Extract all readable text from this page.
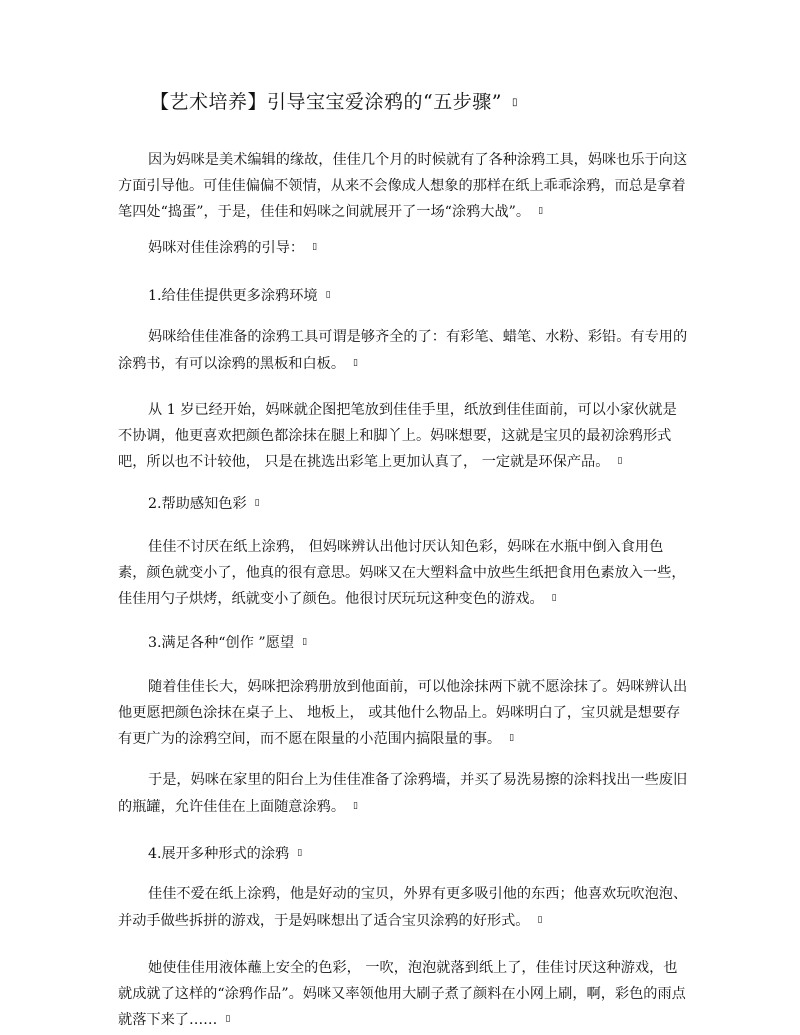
【艺术培养】引导宝宝爱涂鸦的“五步骤” ▯

因为妈咪是美术编辑的缘故，佳佳几个月的时候就有了各种涂鸦工具，妈咪也乐于向这方面引导他。可佳佳偏偏不领情，从来不会像成人想象的那样在纸上乖乖涂鸦，而总是拿着笔四处“捣蛋”，于是，佳佳和妈咪之间就展开了一场“涂鸦大战”。 ▯

妈咪对佳佳涂鸦的引导： ▯
1.给佳佳提供更多涂鸦环境 ▯

妈咪给佳佳准备的涂鸦工具可谓是够齐全的了：有彩笔、蜡笔、水粉、彩铅。有专用的涂鸦书，有可以涂鸦的黑板和白板。 ▯

从 1 岁已经开始，妈咪就企图把笔放到佳佳手里，纸放到佳佳面前，可以小家伙就是不协调，他更喜欢把颜色都涂抹在腿上和脚丫上。妈咪想要，这就是宝贝的最初涂鸦形式吧，所以也不计较他， 只是在挑选出彩笔上更加认真了， 一定就是环保产品。 ▯

2.帮助感知色彩 ▯

佳佳不讨厌在纸上涂鸦， 但妈咪辨认出他讨厌认知色彩，妈咪在水瓶中倒入食用色素，颜色就变小了，他真的很有意思。妈咪又在大塑料盒中放些生纸把食用色素放入一些，佳佳用勺子烘烤，纸就变小了颜色。他很讨厌玩玩这种变色的游戏。 ▯

3.满足各种“创作 ”愿望 ▯

随着佳佳长大，妈咪把涂鸦册放到他面前，可以他涂抹两下就不愿涂抹了。妈咪辨认出他更愿把颜色涂抹在桌子上、 地板上， 或其他什么物品上。妈咪明白了，宝贝就是想要存有更广为的涂鸦空间，而不愿在限量的小范围内搞限量的事。 ▯

于是，妈咪在家里的阳台上为佳佳准备了涂鸦墙，并买了易洗易擦的涂料找出一些废旧的瓶罐，允许佳佳在上面随意涂鸦。 ▯

4.展开多种形式的涂鸦 ▯

佳佳不爱在纸上涂鸦，他是好动的宝贝，外界有更多吸引他的东西；他喜欢玩吹泡泡、并动手做些拆拼的游戏，于是妈咪想出了适合宝贝涂鸦的好形式。 ▯

她使佳佳用液体蘸上安全的色彩， 一吹，泡泡就落到纸上了，佳佳讨厌这种游戏，也就成就了这样的“涂鸦作品”。妈咪又率领他用大刷子煮了颜料在小网上刷，啊，彩色的雨点就落下来了…… ▯
